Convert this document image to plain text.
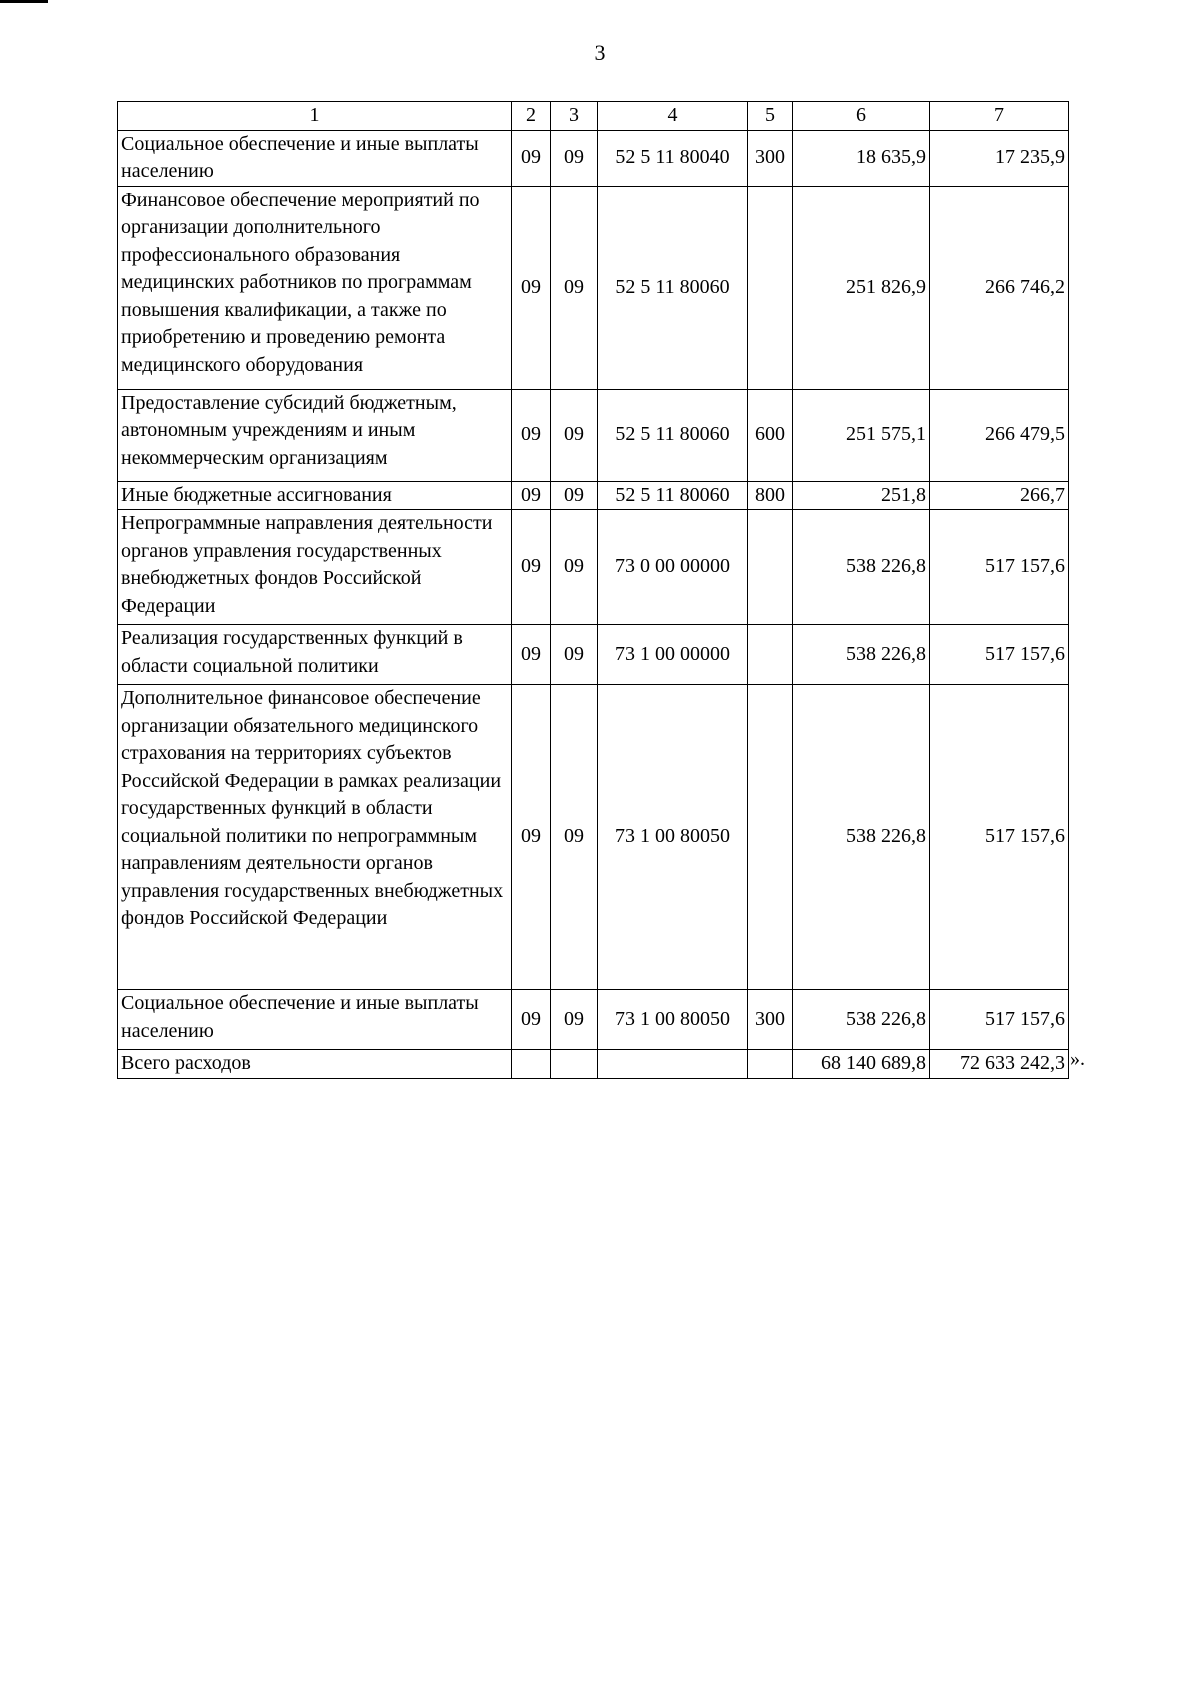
3
1	2	3	4	5	6	7
Социальное обеспечение и иные выплаты населению	09	09	52 5 11 80040	300	18 635,9	17 235,9
Финансовое обеспечение мероприятий по организации дополнительного профессионального образования медицинских работников по программам повышения квалификации, а также по приобретению и проведению ремонта медицинского оборудования	09	09	52 5 11 80060		251 826,9	266 746,2
Предоставление субсидий бюджетным, автономным учреждениям и иным некоммерческим организациям	09	09	52 5 11 80060	600	251 575,1	266 479,5
Иные бюджетные ассигнования	09	09	52 5 11 80060	800	251,8	266,7
Непрограммные направления деятельности органов управления государственных внебюджетных фондов Российской Федерации	09	09	73 0 00 00000		538 226,8	517 157,6
Реализация государственных функций в области социальной политики	09	09	73 1 00 00000		538 226,8	517 157,6
Дополнительное финансовое обеспечение организации обязательного медицинского страхования на территориях субъектов Российской Федерации в рамках реализации государственных функций в области социальной политики по непрограммным направлениям деятельности органов управления государственных внебюджетных фондов Российской Федерации	09	09	73 1 00 80050		538 226,8	517 157,6
Социальное обеспечение и иные выплаты населению	09	09	73 1 00 80050	300	538 226,8	517 157,6
Всего расходов					68 140 689,8	72 633 242,3 ».
